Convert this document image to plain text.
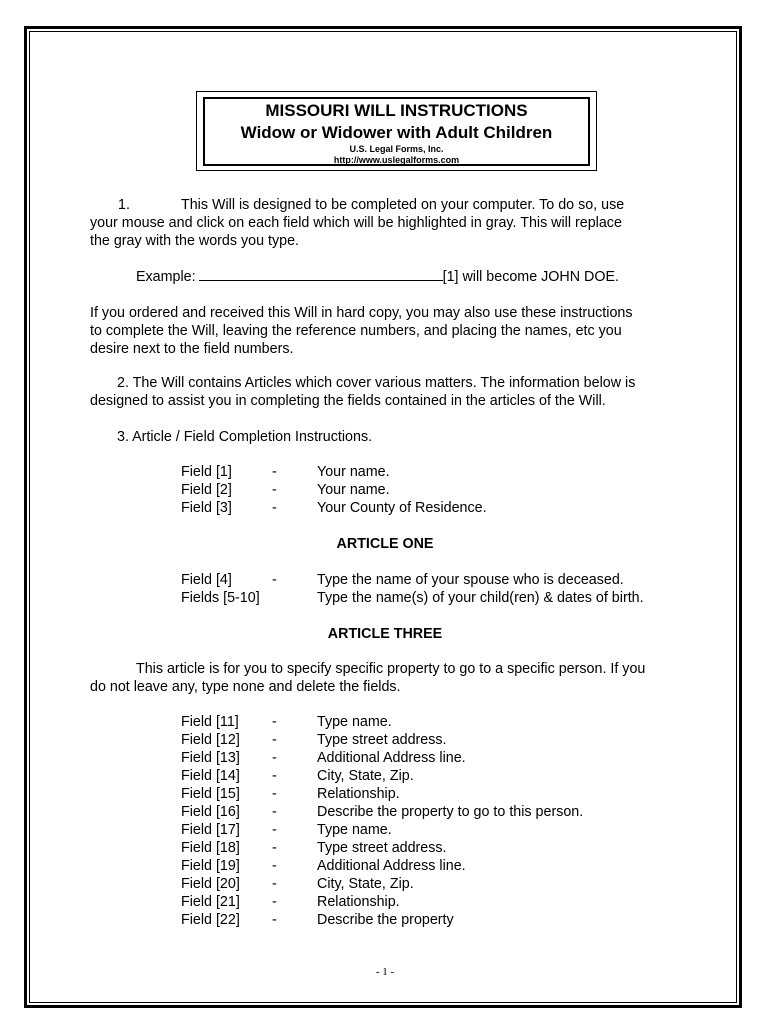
MISSOURI WILL INSTRUCTIONS
Widow or Widower with Adult Children
U.S. Legal Forms, Inc.
http://www.uslegalforms.com
1.	This Will is designed to be completed on your computer. To do so, use
your mouse and click on each field which will be highlighted in gray. This will replace
the gray with the words you type.
Example:	[1] will become JOHN DOE.
If you ordered and received this Will in hard copy, you may also use these instructions
to complete the Will, leaving the reference numbers, and placing the names, etc you
desire next to the field numbers.
2. The Will contains Articles which cover various matters. The information below is
designed to assist you in completing the fields contained in the articles of the Will.
3. Article / Field Completion Instructions.
Field [1]	-	Your name.
Field [2]	-	Your name.
Field [3]	-	Your County of Residence.
ARTICLE ONE
Field [4]	-	Type the name of your spouse who is deceased.
Fields [5-10]	Type the name(s) of your child(ren) & dates of birth.
ARTICLE THREE
This article is for you to specify specific property to go to a specific person. If you
do not leave any, type none and delete the fields.
Field [11] -	Type name.
Field [12] -	Type street address.
Field [13] -	Additional Address line.
Field [14] -	City, State, Zip.
Field [15] -	Relationship.
Field [16] -	Describe the property to go to this person.
Field [17] -	Type name.
Field [18] -	Type street address.
Field [19] -	Additional Address line.
Field [20] -	City, State, Zip.
Field [21] -	Relationship.
Field [22] -	Describe the property
- 1 -
